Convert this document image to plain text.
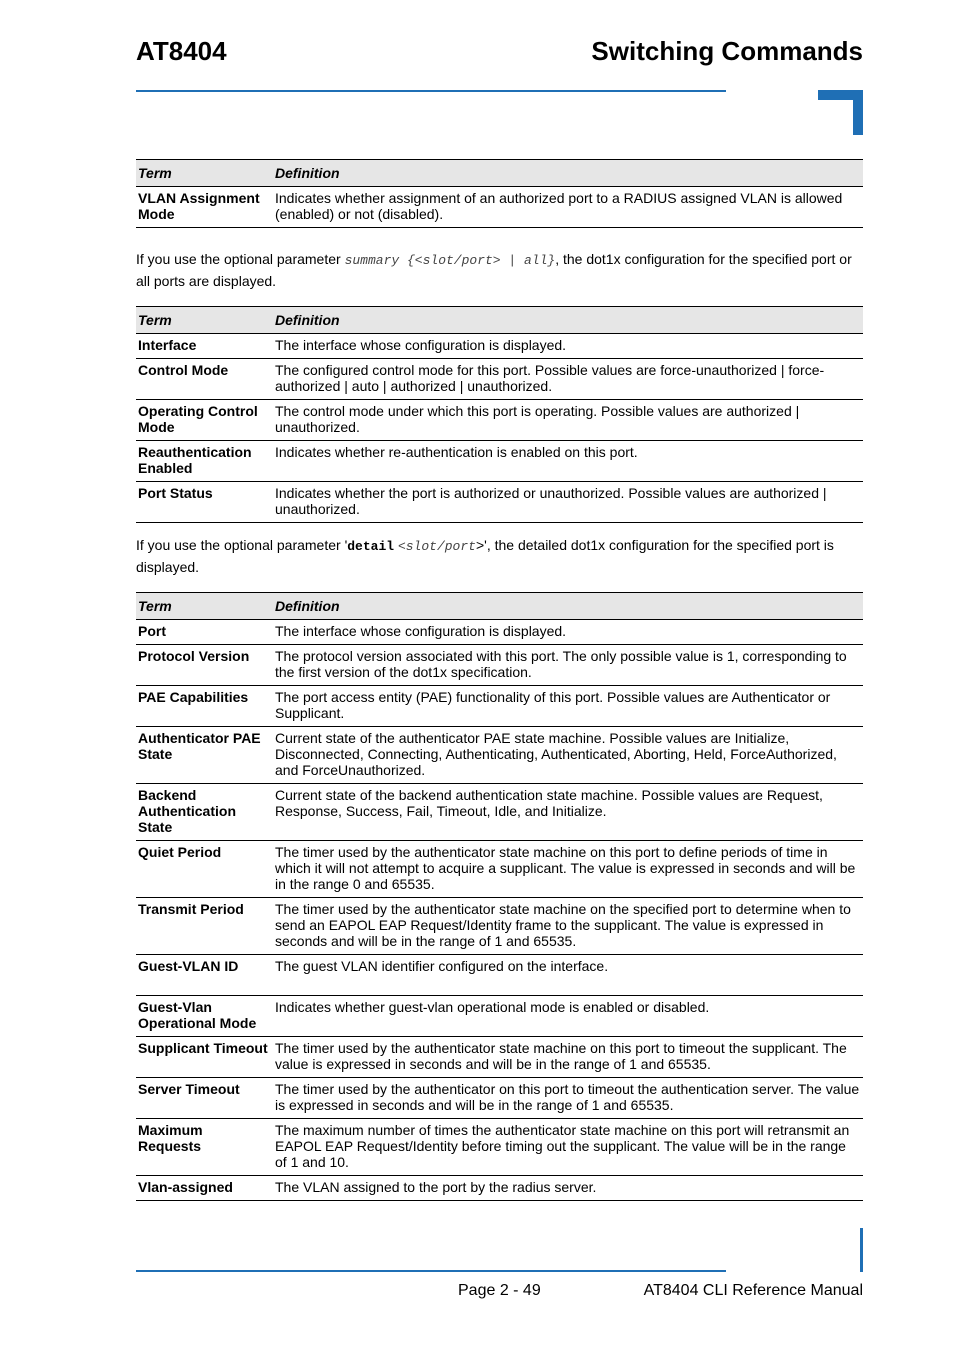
AT8404	Switching Commands
Term	Definition
VLAN Assignment Mode	Indicates whether assignment of an authorized port to a RADIUS assigned VLAN is allowed (enabled) or not (disabled).
If you use the optional parameter summary {<slot/port> | all}, the dot1x configuration for the specified port or all ports are displayed.
Term	Definition
Interface	The interface whose configuration is displayed.
Control Mode	The configured control mode for this port. Possible values are force-unauthorized | force-authorized | auto | authorized | unauthorized.
Operating Control Mode	The control mode under which this port is operating. Possible values are authorized | unauthorized.
Reauthentication Enabled	Indicates whether re-authentication is enabled on this port.
Port Status	Indicates whether the port is authorized or unauthorized. Possible values are authorized | unauthorized.
If you use the optional parameter 'detail <slot/port>', the detailed dot1x configuration for the specified port is displayed.
Term	Definition
Port	The interface whose configuration is displayed.
Protocol Version	The protocol version associated with this port. The only possible value is 1, corresponding to the first version of the dot1x specification.
PAE Capabilities	The port access entity (PAE) functionality of this port. Possible values are Authenticator or Supplicant.
Authenticator PAE State	Current state of the authenticator PAE state machine. Possible values are Initialize, Disconnected, Connecting, Authenticating, Authenticated, Aborting, Held, ForceAuthorized, and ForceUnauthorized.
Backend Authentication State	Current state of the backend authentication state machine. Possible values are Request, Response, Success, Fail, Timeout, Idle, and Initialize.
Quiet Period	The timer used by the authenticator state machine on this port to define periods of time in which it will not attempt to acquire a supplicant. The value is expressed in seconds and will be in the range 0 and 65535.
Transmit Period	The timer used by the authenticator state machine on the specified port to determine when to send an EAPOL EAP Request/Identity frame to the supplicant. The value is expressed in seconds and will be in the range of 1 and 65535.
Guest-VLAN ID	The guest VLAN identifier configured on the interface.
Guest-Vlan Operational Mode	Indicates whether guest-vlan operational mode is enabled or disabled.
Supplicant Timeout	The timer used by the authenticator state machine on this port to timeout the supplicant. The value is expressed in seconds and will be in the range of 1 and 65535.
Server Timeout	The timer used by the authenticator on this port to timeout the authentication server. The value is expressed in seconds and will be in the range of 1 and 65535.
Maximum Requests	The maximum number of times the authenticator state machine on this port will retransmit an EAPOL EAP Request/Identity before timing out the supplicant. The value will be in the range of 1 and 10.
Vlan-assigned	The VLAN assigned to the port by the radius server.
Page 2 - 49	AT8404 CLI Reference Manual
